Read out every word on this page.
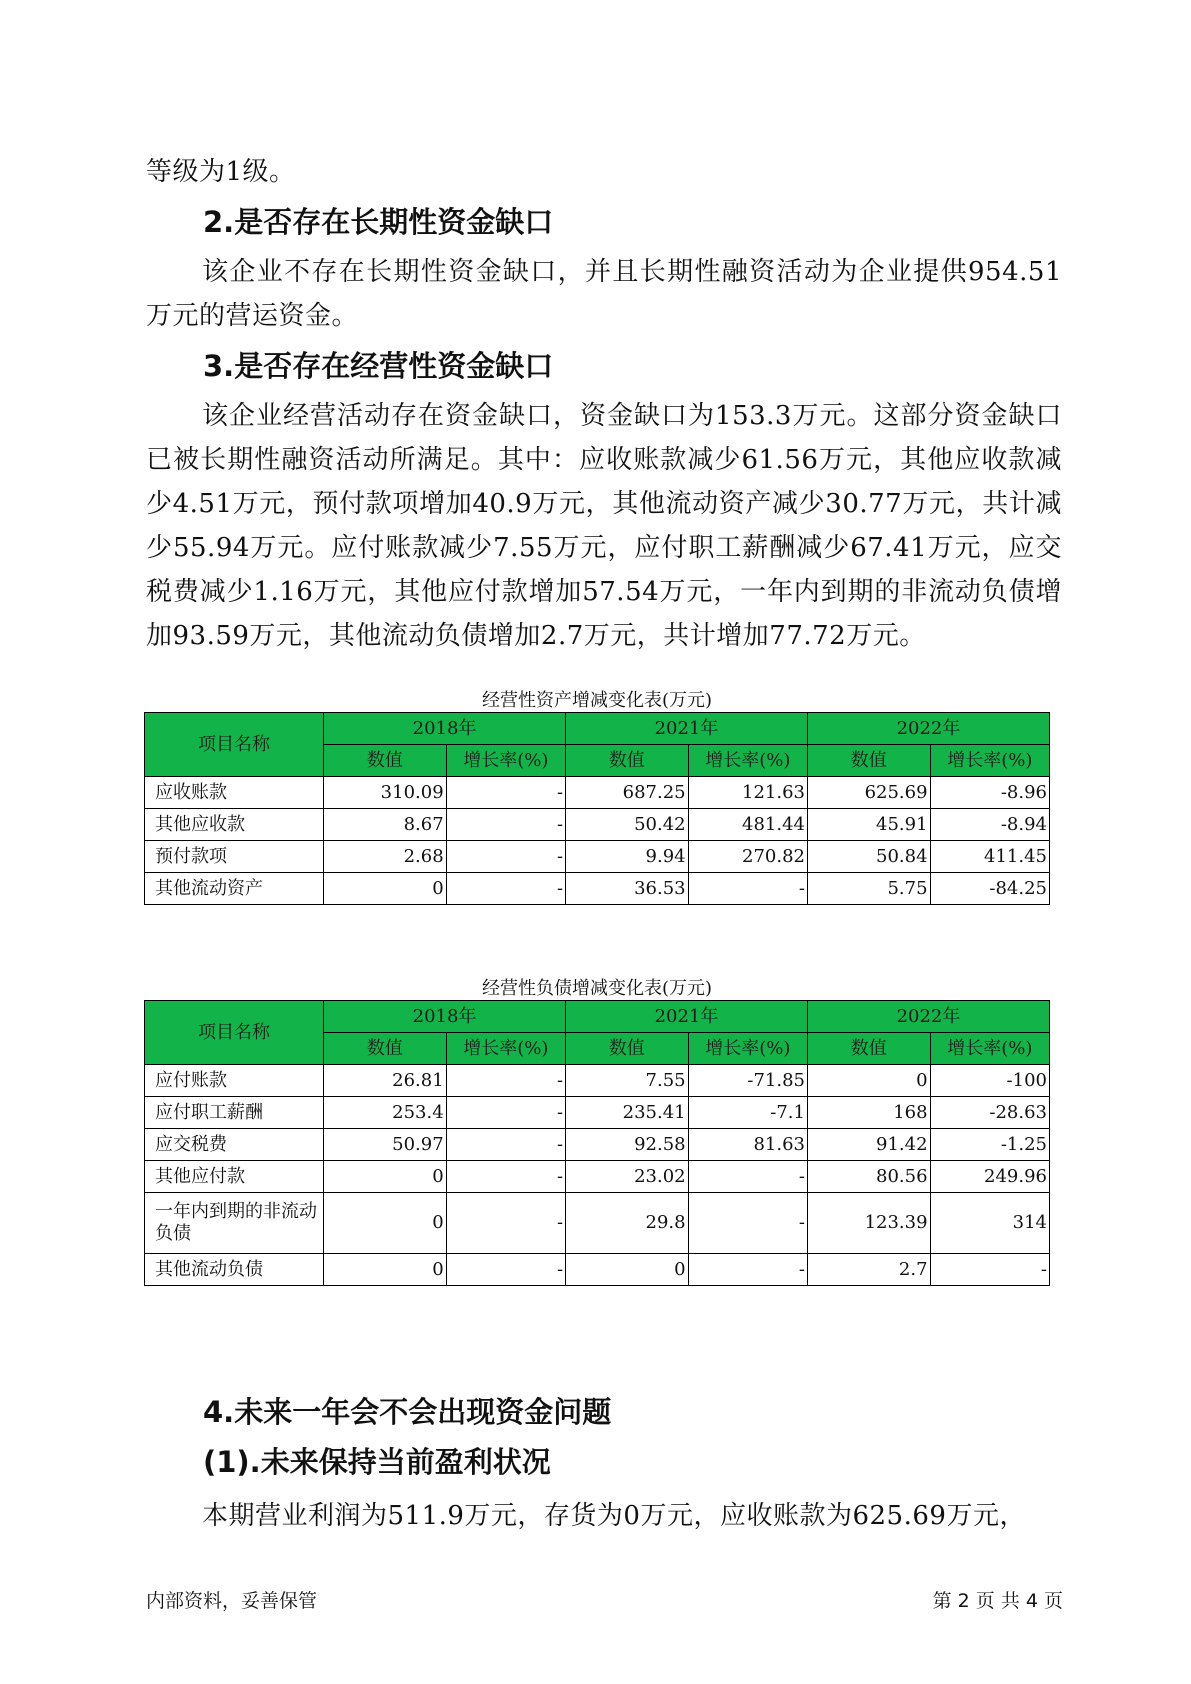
等级为1级。

2.是否存在长期性资金缺口

该企业不存在长期性资金缺口，并且长期性融资活动为企业提供954.51万元的营运资金。

3.是否存在经营性资金缺口

该企业经营活动存在资金缺口，资金缺口为153.3万元。这部分资金缺口已被长期性融资活动所满足。其中：应收账款减少61.56万元，其他应收款减少4.51万元，预付款项增加40.9万元，其他流动资产减少30.77万元，共计减少55.94万元。应付账款减少7.55万元，应付职工薪酬减少67.41万元，应交税费减少1.16万元，其他应付款增加57.54万元，一年内到期的非流动负债增加93.59万元，其他流动负债增加2.7万元，共计增加77.72万元。

经营性资产增减变化表(万元)

项目名称	2018年		2021年		2022年	
	数值	增长率(%)	数值	增长率(%)	数值	增长率(%)
应收账款	310.09	-	687.25	121.63	625.69	-8.96
其他应收款	8.67	-	50.42	481.44	45.91	-8.94
预付款项	2.68	-	9.94	270.82	50.84	411.45
其他流动资产	0	-	36.53	-	5.75	-84.25

经营性负债增减变化表(万元)

项目名称	2018年		2021年		2022年	
	数值	增长率(%)	数值	增长率(%)	数值	增长率(%)
应付账款	26.81	-	7.55	-71.85	0	-100
应付职工薪酬	253.4	-	235.41	-7.1	168	-28.63
应交税费	50.97	-	92.58	81.63	91.42	-1.25
其他应付款	0	-	23.02	-	80.56	249.96
一年内到期的非流动负债	0	-	29.8	-	123.39	314
其他流动负债	0	-	0	-	2.7	-

4.未来一年会不会出现资金问题

(1).未来保持当前盈利状况

本期营业利润为511.9万元，存货为0万元，应收账款为625.69万元，

内部资料，妥善保管	第 2 页 共 4 页
